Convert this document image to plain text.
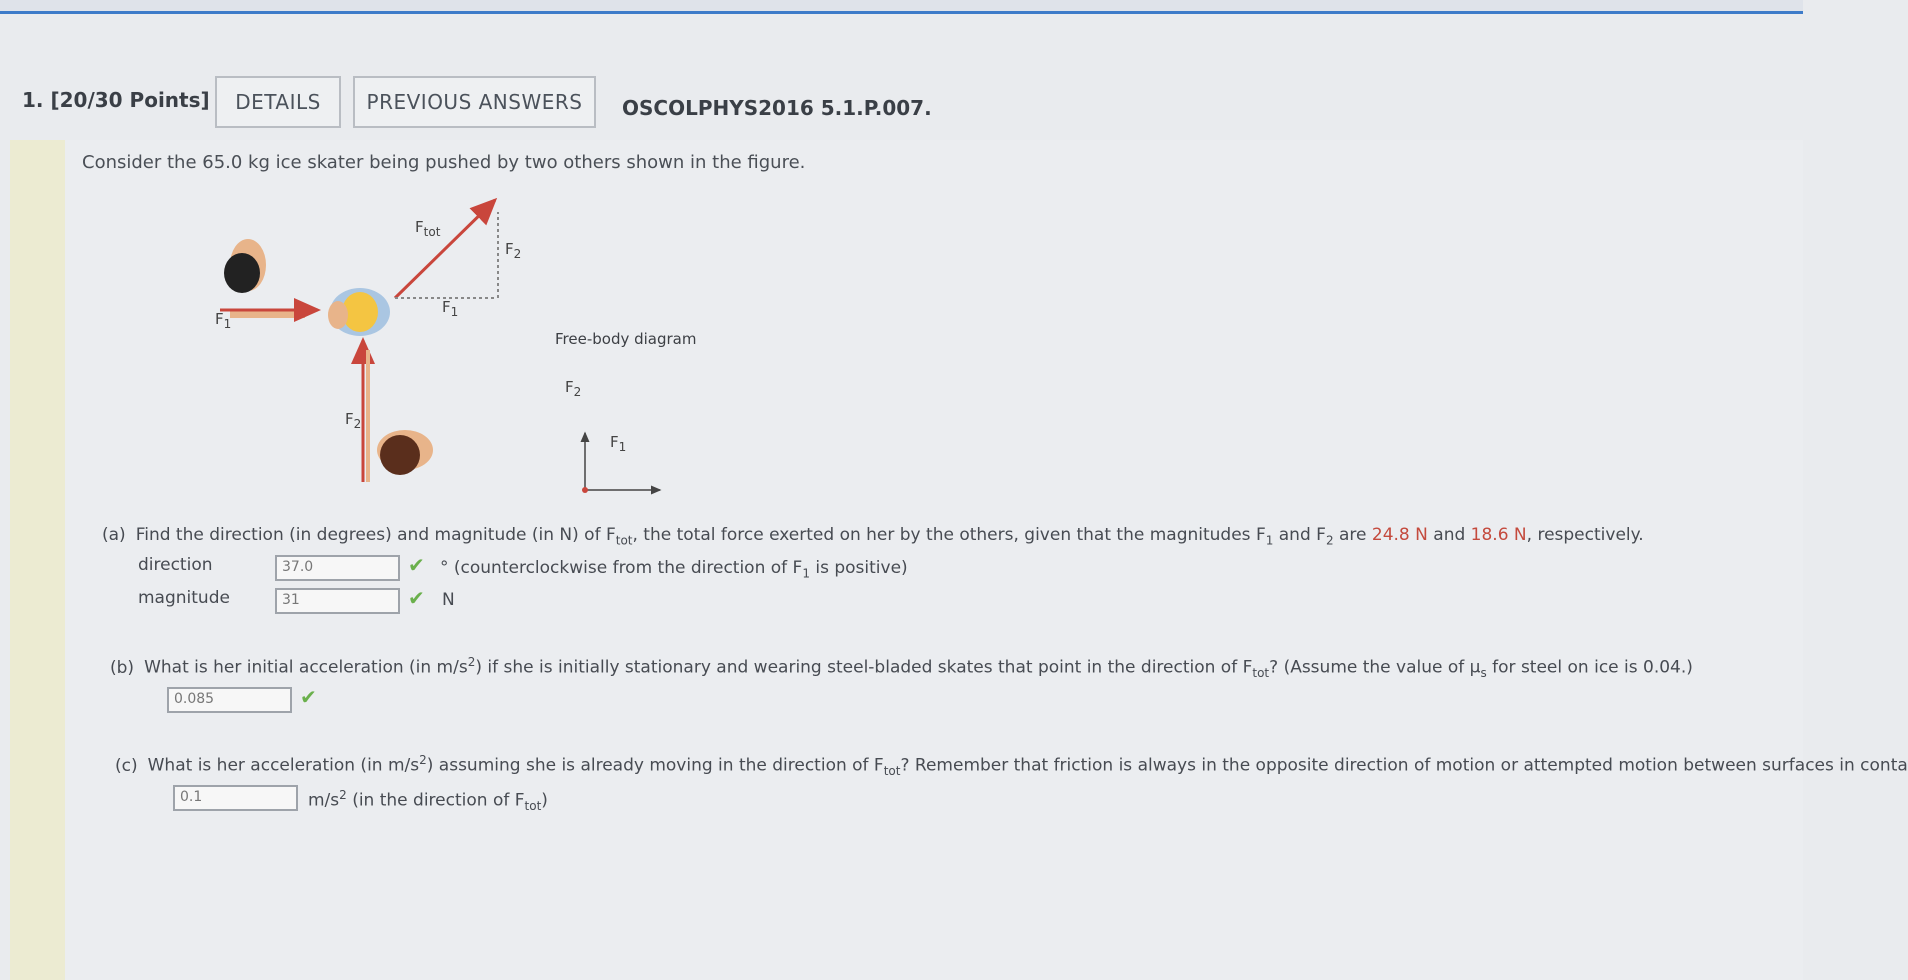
1. [20/30 Points]	DETAILS	PREVIOUS ANSWERS	OSCOLPHYS2016 5.1.P.007.
Consider the 65.0 kg ice skater being pushed by two others shown in the figure.
$F_{tot}$
$F_2$
$F_1$
$F_1$
$F_2$
Free-body diagram
$F_2$
$F_1$
(a) Find the direction (in degrees) and magnitude (in N) of $F_{tot}$, the total force exerted on her by the others, given that the magnitudes $F_1$ and $F_2$ are 24.8 N and 18.6 N, respectively.
direction	37.0	✔ ° (counterclockwise from the direction of $F_1$ is positive)
magnitude	31	✔ N
(b) What is her initial acceleration (in $m/s^2$) if she is initially stationary and wearing steel-bladed skates that point in the direction of $F_{tot}$? (Assume the value of $\mu_s$ for steel on ice is 0.04.)
0.085	✔
(c) What is her acceleration (in $m/s^2$) assuming she is already moving in the direction of $F_{tot}$? Remember that friction is always in the opposite direction of motion or attempted motion between surfaces in conta
0.1	$m/s^2$ (in the direction of $F_{tot}$)
